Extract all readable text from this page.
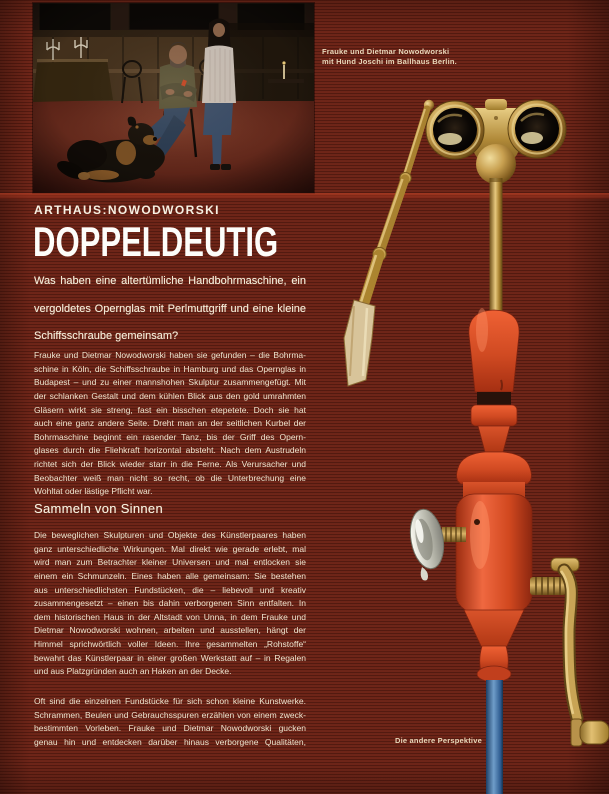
Frauke und Dietmar Nowodworski
mit Hund Joschi im Ballhaus Berlin.
ARTHAUS:NOWODWORSKI
DOPPELDEUTIG
Was haben eine altertümliche Handbohrmaschine, ein
vergoldetes Opernglas mit Perlmuttgriff und eine kleine
Schiffsschraube gemeinsam?
Frauke und Dietmar Nowodworski haben sie gefunden – die Bohrma-
schine in Köln, die Schiffsschraube in Hamburg und das Opernglas in
Budapest – und zu einer mannshohen Skulptur zusammengefügt. Mit
der schlanken Gestalt und dem kühlen Blick aus den gold umrahmten
Gläsern wirkt sie streng, fast ein bisschen etepetete. Doch sie hat
auch eine ganz andere Seite. Dreht man an der seitlichen Kurbel der
Bohrmaschine beginnt ein rasender Tanz, bis der Griff des Opern-
glases durch die Fliehkraft horizontal absteht. Nach dem Austrudeln
richtet sich der Blick wieder starr in die Ferne. Als Verursacher und
Beobachter weiß man nicht so recht, ob die Unterbrechung eine
Wohltat oder lästige Pflicht war.
Sammeln von Sinnen
Die beweglichen Skulpturen und Objekte des Künstlerpaares haben
ganz unterschiedliche Wirkungen. Mal direkt wie gerade erlebt, mal
wird man zum Betrachter kleiner Universen und mal entlocken sie
einem ein Schmunzeln. Eines haben alle gemeinsam: Sie bestehen
aus unterschiedlichsten Fundstücken, die – liebevoll und kreativ
zusammengesetzt – einen bis dahin verborgenen Sinn entfalten. In
dem historischen Haus in der Altstadt von Unna, in dem Frauke und
Dietmar Nowodworski wohnen, arbeiten und ausstellen, hängt der
Himmel sprichwörtlich voller Ideen. Ihre gesammelten „Rohstoffe“
bewahrt das Künstlerpaar in einer großen Werkstatt auf – in Regalen
und aus Platzgründen auch an Haken an der Decke.
Oft sind die einzelnen Fundstücke für sich schon kleine Kunstwerke.
Schrammen, Beulen und Gebrauchsspuren erzählen von einem zweck-
bestimmten Vorleben. Frauke und Dietmar Nowodworski gucken
genau hin und entdecken darüber hinaus verborgene Qualitäten,	Die andere Perspektive
